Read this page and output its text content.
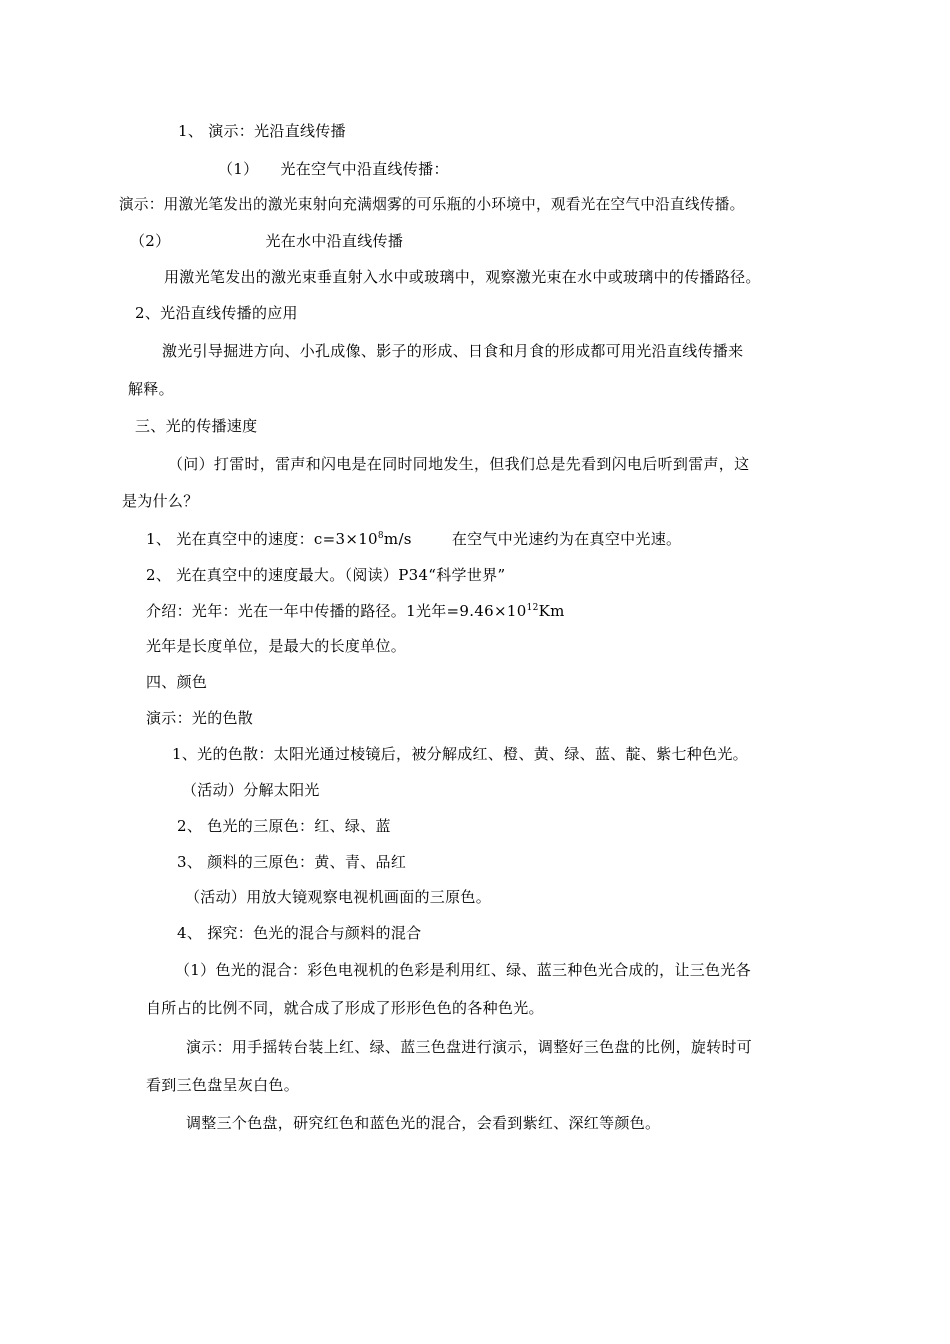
1、 演示：光沿直线传播
（1） 光在空气中沿直线传播：
演示：用激光笔发出的激光束射向充满烟雾的可乐瓶的小环境中，观看光在空气中沿直线传播。
（2）	光在水中沿直线传播
用激光笔发出的激光束垂直射入水中或玻璃中，观察激光束在水中或玻璃中的传播路径。
2、光沿直线传播的应用
激光引导掘进方向、小孔成像、影子的形成、日食和月食的形成都可用光沿直线传播来
解释。
三、光的传播速度
（问）打雷时，雷声和闪电是在同时同地发生，但我们总是先看到闪电后听到雷声，这
是为什么？
1、 光在真空中的速度：$c=3\times 10^8m/s$	在空气中光速约为在真空中光速。
2、 光在真空中的速度最大。（阅读）P34“科学世界”
介绍：光年：光在一年中传播的路径。1光年$=9.46\times 10^{12}Km$
光年是长度单位，是最大的长度单位。
四、颜色
演示：光的色散
1、光的色散：太阳光通过棱镜后，被分解成红、橙、黄、绿、蓝、靛、紫七种色光。
（活动）分解太阳光
2、 色光的三原色：红、绿、蓝
3、 颜料的三原色：黄、青、品红
（活动）用放大镜观察电视机画面的三原色。
4、 探究：色光的混合与颜料的混合
（1）色光的混合：彩色电视机的色彩是利用红、绿、蓝三种色光合成的，让三色光各
自所占的比例不同，就合成了形成了形形色色的各种色光。
演示：用手摇转台装上红、绿、蓝三色盘进行演示，调整好三色盘的比例，旋转时可
看到三色盘呈灰白色。
调整三个色盘，研究红色和蓝色光的混合，会看到紫红、深红等颜色。
